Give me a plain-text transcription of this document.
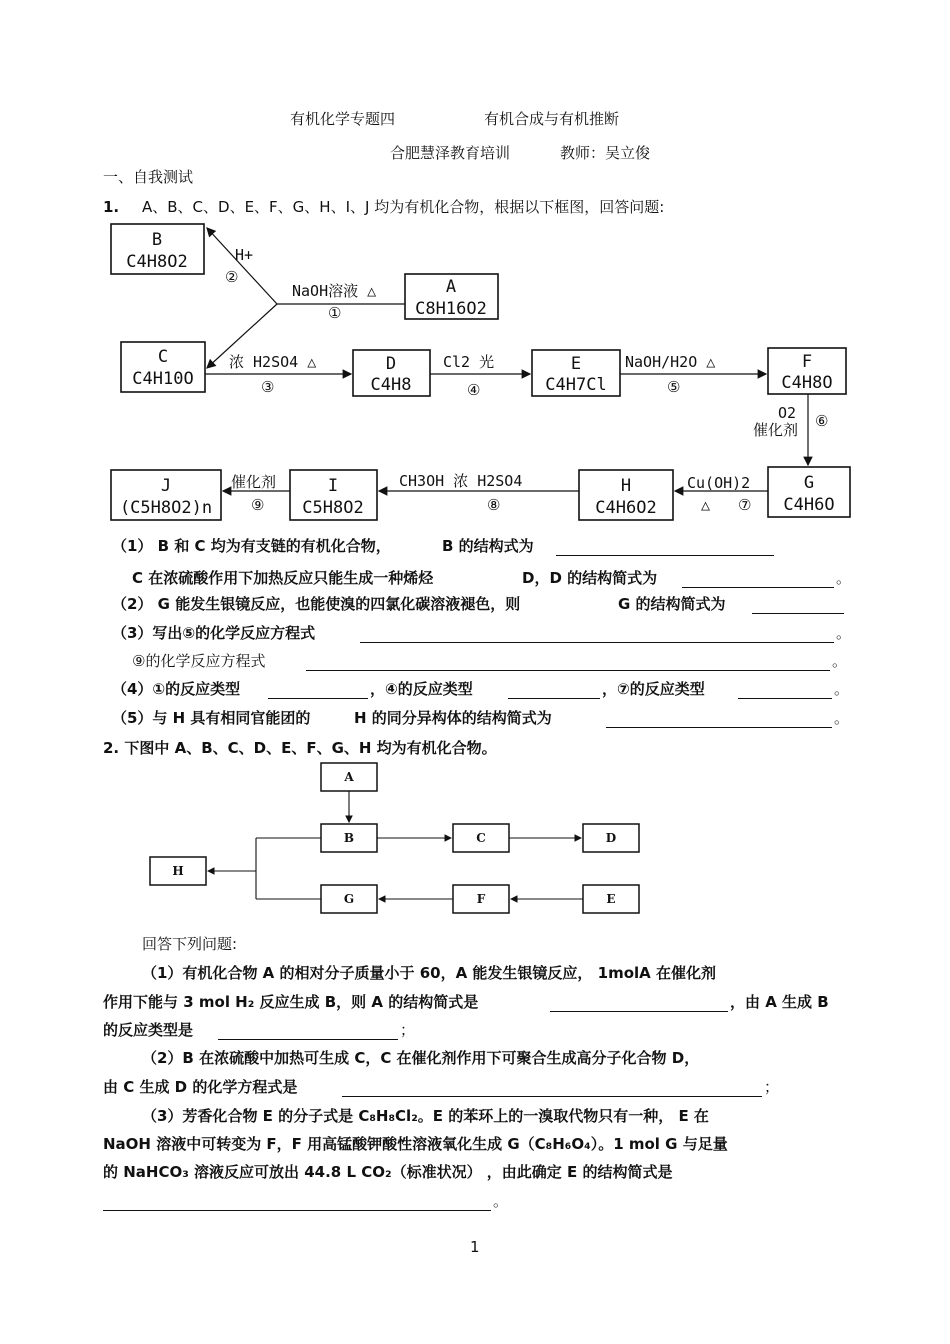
有机化学专题四	有机合成与有机推断
合肥慧泽教育培训	教师：吴立俊
一、自我测试
1. A、B、C、D、E、F、G、H、I、J 均为有机化合物，根据以下框图，回答问题:
B
C4H8O2
A
C8H16O2
C
C4H10O
D
C4H8
E
C4H7Cl
F
C4H8O
G
C4H6O
H
C4H6O2
I
C5H8O2
J
(C5H8O2)n
NaOH溶液 △
①
H+
②
浓 H2SO4 △
③
Cl2 光
④
NaOH/H2O △
⑤
O2
催化剂 ⑥
Cu(OH)2
△ ⑦
CH3OH 浓 H2SO4
⑧
催化剂
⑨
（1） B 和 C 均为有支链的有机化合物，	B 的结构式为
C 在浓硫酸作用下加热反应只能生成一种烯烃	D，D 的结构简式为	。
（2） G 能发生银镜反应，也能使溴的四氯化碳溶液褪色，则	G 的结构简式为
（3）写出⑤的化学反应方程式	。
⑨的化学反应方程式	。
（4）①的反应类型	，④的反应类型	，⑦的反应类型	。
（5）与 H 具有相同官能团的	H 的同分异构体的结构简式为	。
2. 下图中 A、B、C、D、E、F、G、H 均为有机化合物。
A
B	C	D
H
G	F	E
回答下列问题:
（1）有机化合物 A 的相对分子质量小于 60，A 能发生银镜反应， 1molA 在催化剂
作用下能与 3 mol H₂ 反应生成 B，则 A 的结构简式是	，由 A 生成 B
的反应类型是	；
（2）B 在浓硫酸中加热可生成 C，C 在催化剂作用下可聚合生成高分子化合物 D，
由 C 生成 D 的化学方程式是	；
（3）芳香化合物 E 的分子式是 C₈H₈Cl₂。E 的苯环上的一溴取代物只有一种， E 在
NaOH 溶液中可转变为 F，F 用高锰酸钾酸性溶液氧化生成 G（C₈H₆O₄）。1 mol G 与足量
的 NaHCO₃ 溶液反应可放出 44.8 L CO₂（标准状况） ，由此确定 E 的结构简式是
。
1
